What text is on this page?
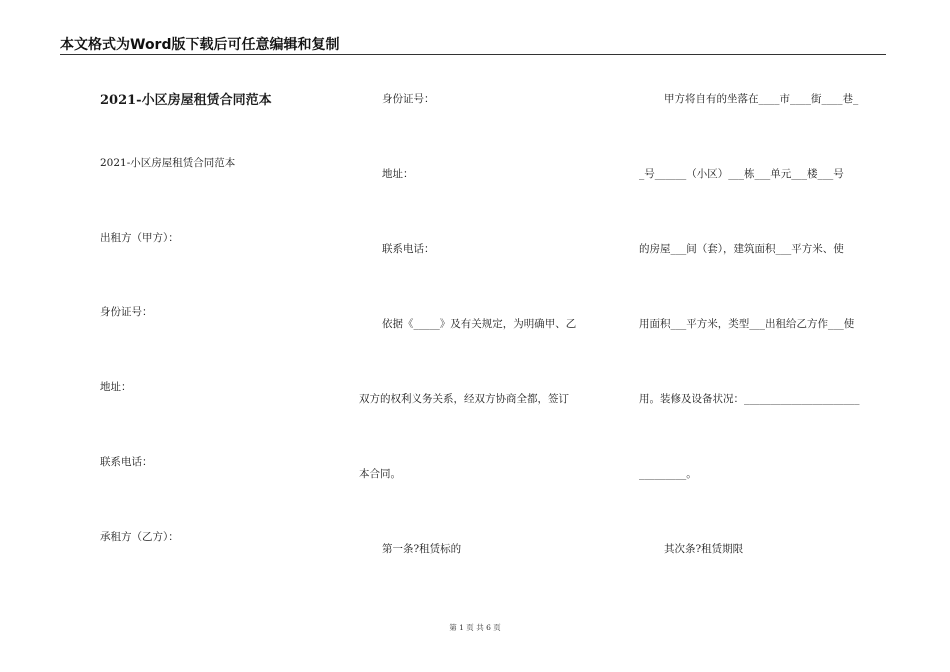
本文格式为Word版下载后可任意编辑和复制
2021-小区房屋租赁合同范本
2021-小区房屋租赁合同范本
出租方（甲方）：
身份证号：
地址：
联系电话：
承租方（乙方）：
身份证号：
地址：
联系电话：
依据《_____》及有关规定，为明确甲、乙
双方的权利义务关系，经双方协商全都，签订
本合同。
第一条?租赁标的
甲方将自有的坐落在____市____街____巷_
_号______（小区）___栋___单元___楼___号
的房屋___间（套），建筑面积___平方米、使
用面积___平方米，类型___出租给乙方作___使
用。装修及设备状况：______________________
_________。
其次条?租赁期限
第 1 页 共 6 页
